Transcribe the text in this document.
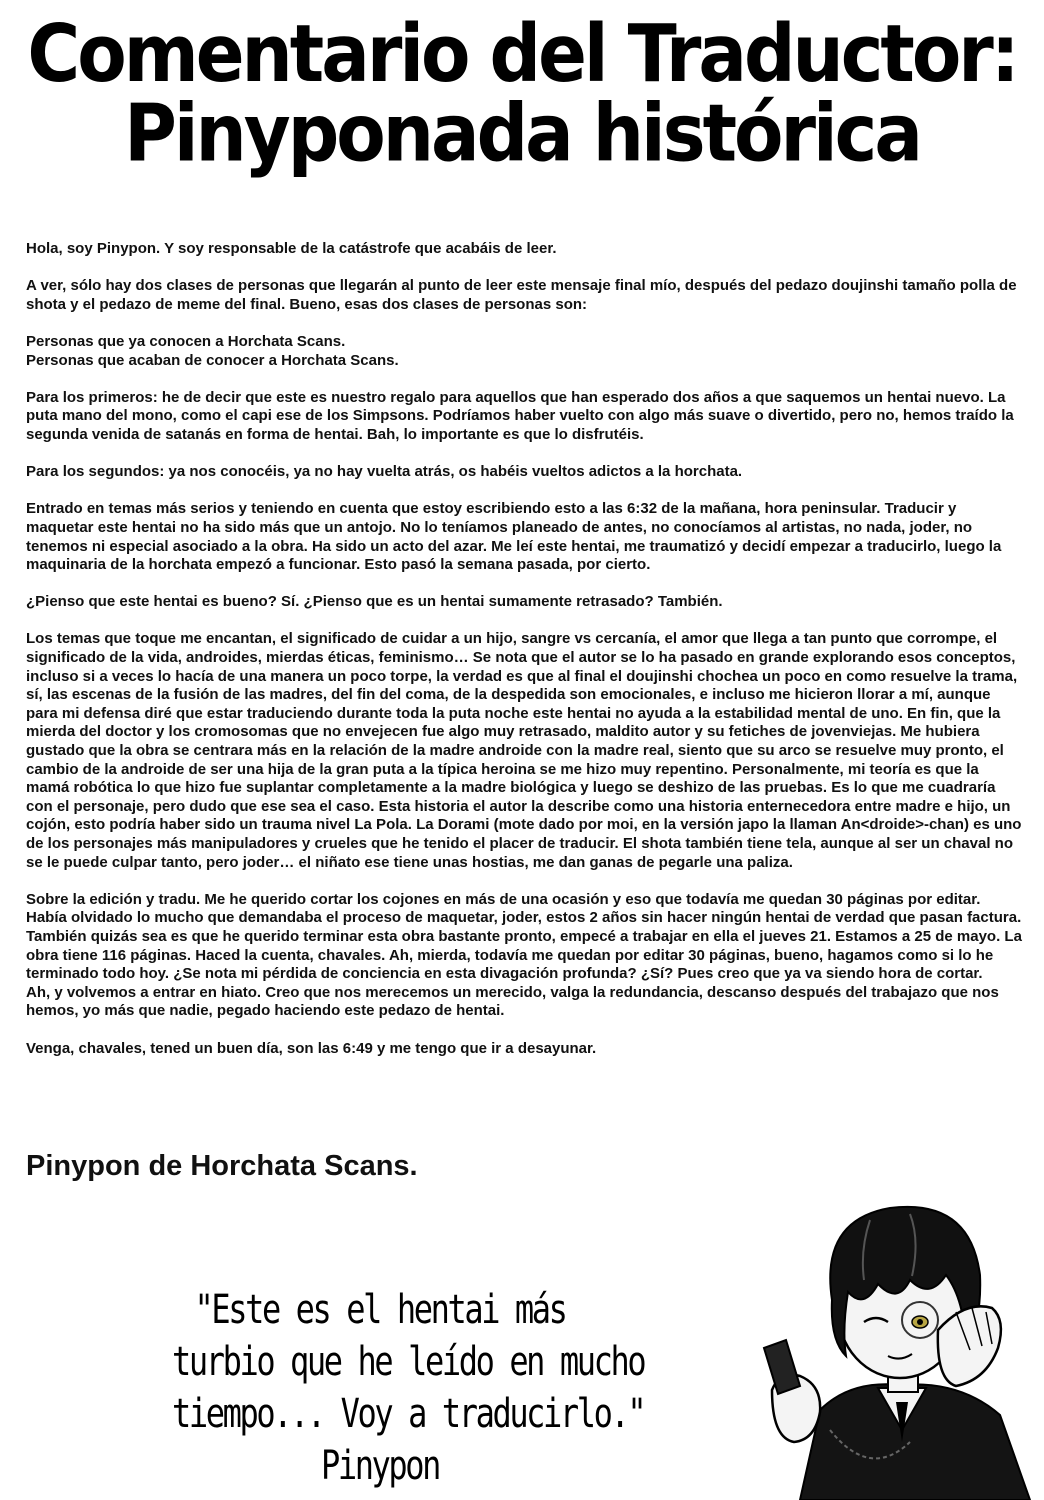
Comentario del Traductor:
Pinyponada histórica

Hola, soy Pinypon. Y soy responsable de la catástrofe que acabáis de leer.

A ver, sólo hay dos clases de personas que llegarán al punto de leer este mensaje final mío, después del pedazo doujinshi tamaño polla de shota y el pedazo de meme del final. Bueno, esas dos clases de personas son:

Personas que ya conocen a Horchata Scans.

Personas que acaban de conocer a Horchata Scans.

Para los primeros: he de decir que este es nuestro regalo para aquellos que han esperado dos años a que saquemos un hentai nuevo. La puta mano del mono, como el capi ese de los Simpsons. Podríamos haber vuelto con algo más suave o divertido, pero no, hemos traído la segunda venida de satanás en forma de hentai. Bah, lo importante es que lo disfrutéis.

Para los segundos: ya nos conocéis, ya no hay vuelta atrás, os habéis vueltos adictos a la horchata.

Entrado en temas más serios y teniendo en cuenta que estoy escribiendo esto a las 6:32 de la mañana, hora peninsular. Traducir y maquetar este hentai no ha sido más que un antojo. No lo teníamos planeado de antes, no conocíamos al artistas, no nada, joder, no tenemos ni especial asociado a la obra. Ha sido un acto del azar. Me leí este hentai, me traumatizó y decidí empezar a traducirlo, luego la maquinaria de la horchata empezó a funcionar. Esto pasó la semana pasada, por cierto.

¿Pienso que este hentai es bueno? Sí. ¿Pienso que es un hentai sumamente retrasado? También.

Los temas que toque me encantan, el significado de cuidar a un hijo, sangre vs cercanía, el amor que llega a tan punto que corrompe, el significado de la vida, androides, mierdas éticas, feminismo… Se nota que el autor se lo ha pasado en grande explorando esos conceptos, incluso si a veces lo hacía de una manera un poco torpe, la verdad es que al final el doujinshi chochea un poco en como resuelve la trama, sí, las escenas de la fusión de las madres, del fin del coma, de la despedida son emocionales, e incluso me hicieron llorar a mí, aunque para mi defensa diré que estar traduciendo durante toda la puta noche este hentai no ayuda a la estabilidad mental de uno. En fin, que la mierda del doctor y los cromosomas que no envejecen fue algo muy retrasado, maldito autor y su fetiches de jovenviejas. Me hubiera gustado que la obra se centrara más en la relación de la madre androide con la madre real, siento que su arco se resuelve muy pronto, el cambio de la androide de ser una hija de la gran puta a la típica heroina se me hizo muy repentino. Personalmente, mi teoría es que la mamá robótica lo que hizo fue suplantar completamente a la madre biológica y luego se deshizo de las pruebas. Es lo que me cuadraría con el personaje, pero dudo que ese sea el caso. Esta historia el autor la describe como una historia enternecedora entre madre e hijo, un cojón, esto podría haber sido un trauma nivel La Pola. La Dorami (mote dado por moi, en la versión japo la llaman An<droide>-chan) es uno de los personajes más manipuladores y crueles que he tenido el placer de traducir. El shota también tiene tela, aunque al ser un chaval no se le puede culpar tanto, pero joder… el niñato ese tiene unas hostias, me dan ganas de pegarle una paliza.

Sobre la edición y tradu. Me he querido cortar los cojones en más de una ocasión y eso que todavía me quedan 30 páginas por editar. Había olvidado lo mucho que demandaba el proceso de maquetar, joder, estos 2 años sin hacer ningún hentai de verdad que pasan factura. También quizás sea es que he querido terminar esta obra bastante pronto, empecé a trabajar en ella el jueves 21. Estamos a 25 de mayo. La obra tiene 116 páginas. Haced la cuenta, chavales. Ah, mierda, todavía me quedan por editar 30 páginas, bueno, hagamos como si lo he terminado todo hoy. ¿Se nota mi pérdida de conciencia en esta divagación profunda? ¿Sí? Pues creo que ya va siendo hora de cortar.

Ah, y volvemos a entrar en hiato. Creo que nos merecemos un merecido, valga la redundancia, descanso después del trabajazo que nos hemos, yo más que nadie, pegado haciendo este pedazo de hentai.

Venga, chavales, tened un buen día, son las 6:49 y me tengo que ir a desayunar.

Pinypon de Horchata Scans.
"Este es el hentai más
turbio que he leído en mucho
tiempo... Voy a traducirlo."
Pinypon
